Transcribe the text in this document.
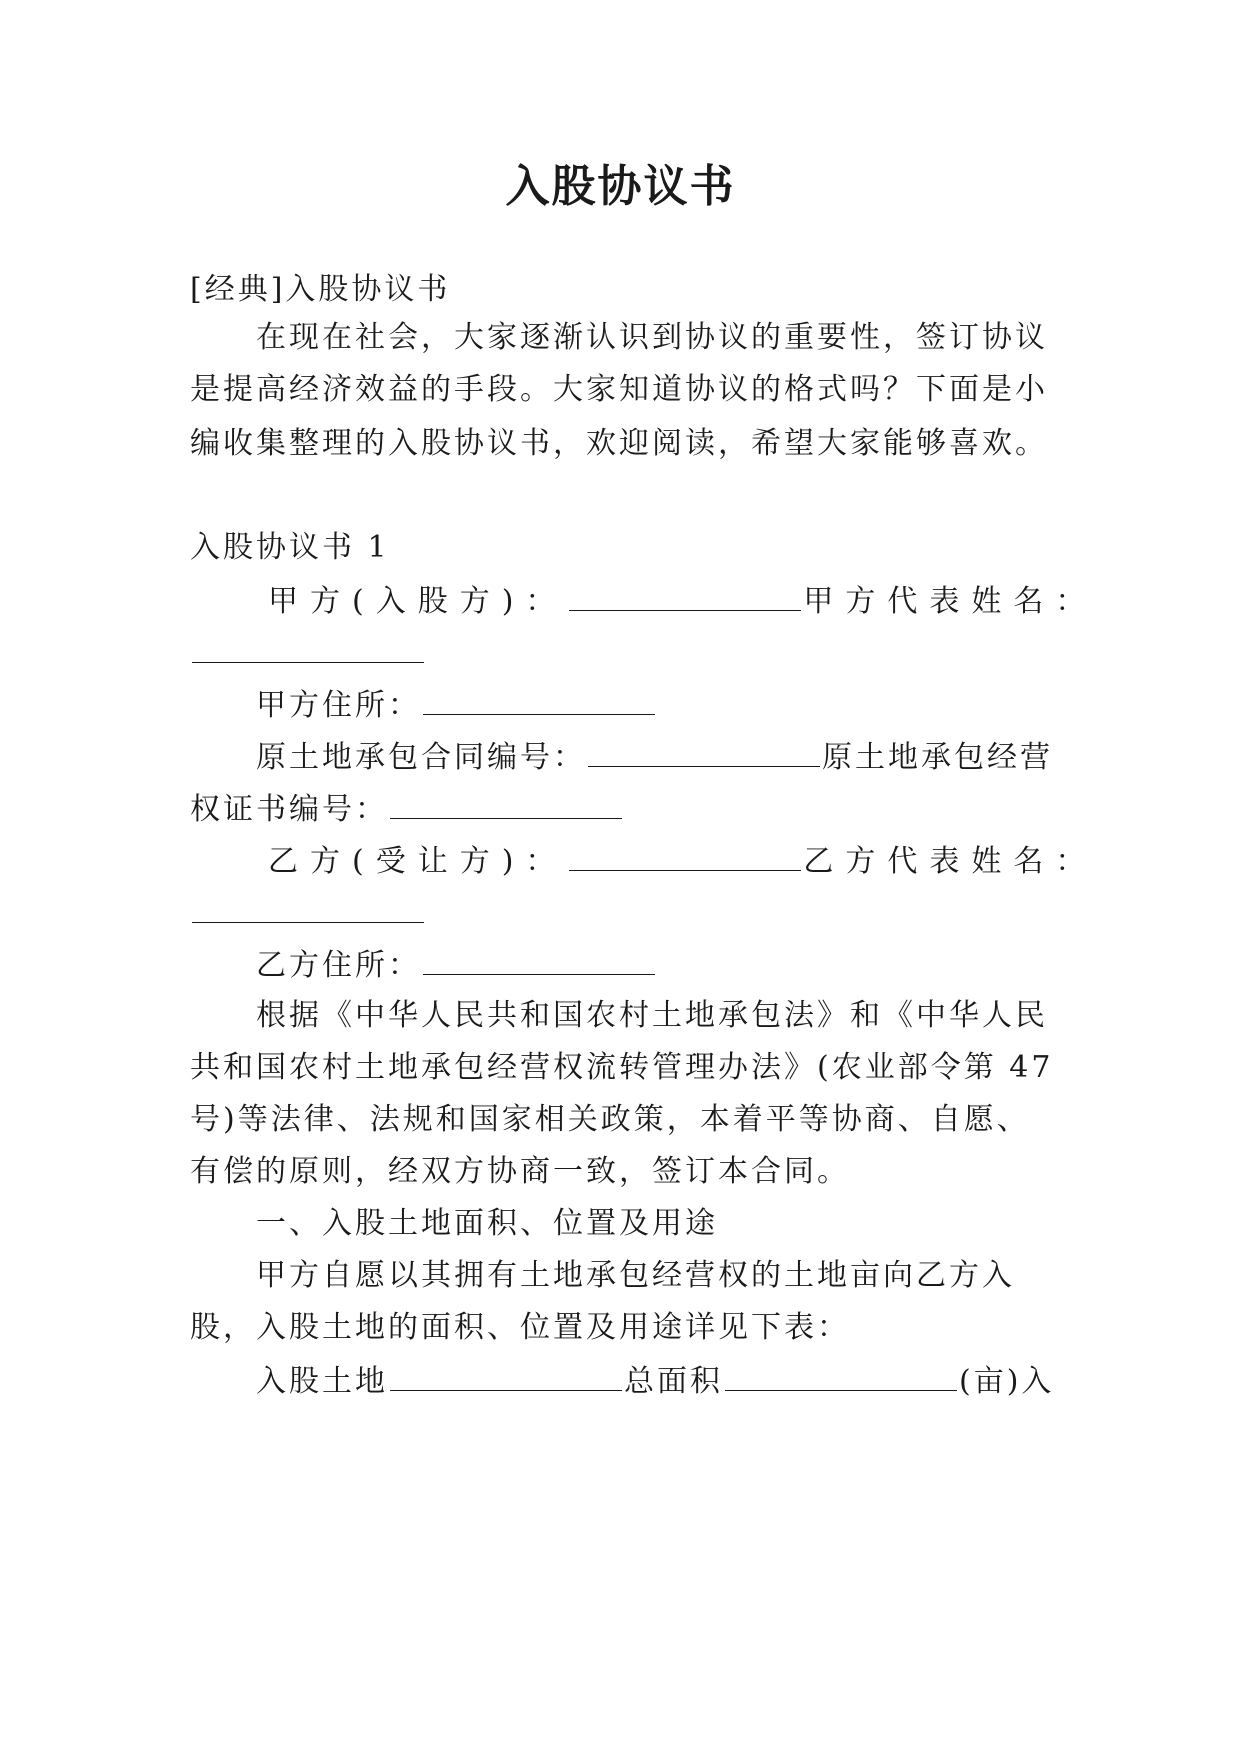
入股协议书
[经典]入股协议书
在现在社会，大家逐渐认识到协议的重要性，签订协议
是提高经济效益的手段。大家知道协议的格式吗？下面是小
编收集整理的入股协议书，欢迎阅读，希望大家能够喜欢。
入股协议书 1
甲方(入股方)：	甲方代表姓名：
甲方住所：
原土地承包合同编号：	原土地承包经营
权证书编号：
乙方(受让方)：	乙方代表姓名：
乙方住所：
根据《中华人民共和国农村土地承包法》和《中华人民
共和国农村土地承包经营权流转管理办法》(农业部令第 47
号)等法律、法规和国家相关政策，本着平等协商、自愿、
有偿的原则，经双方协商一致，签订本合同。
一、入股土地面积、位置及用途
甲方自愿以其拥有土地承包经营权的土地亩向乙方入
股，入股土地的面积、位置及用途详见下表：
入股土地	总面积	(亩)入
